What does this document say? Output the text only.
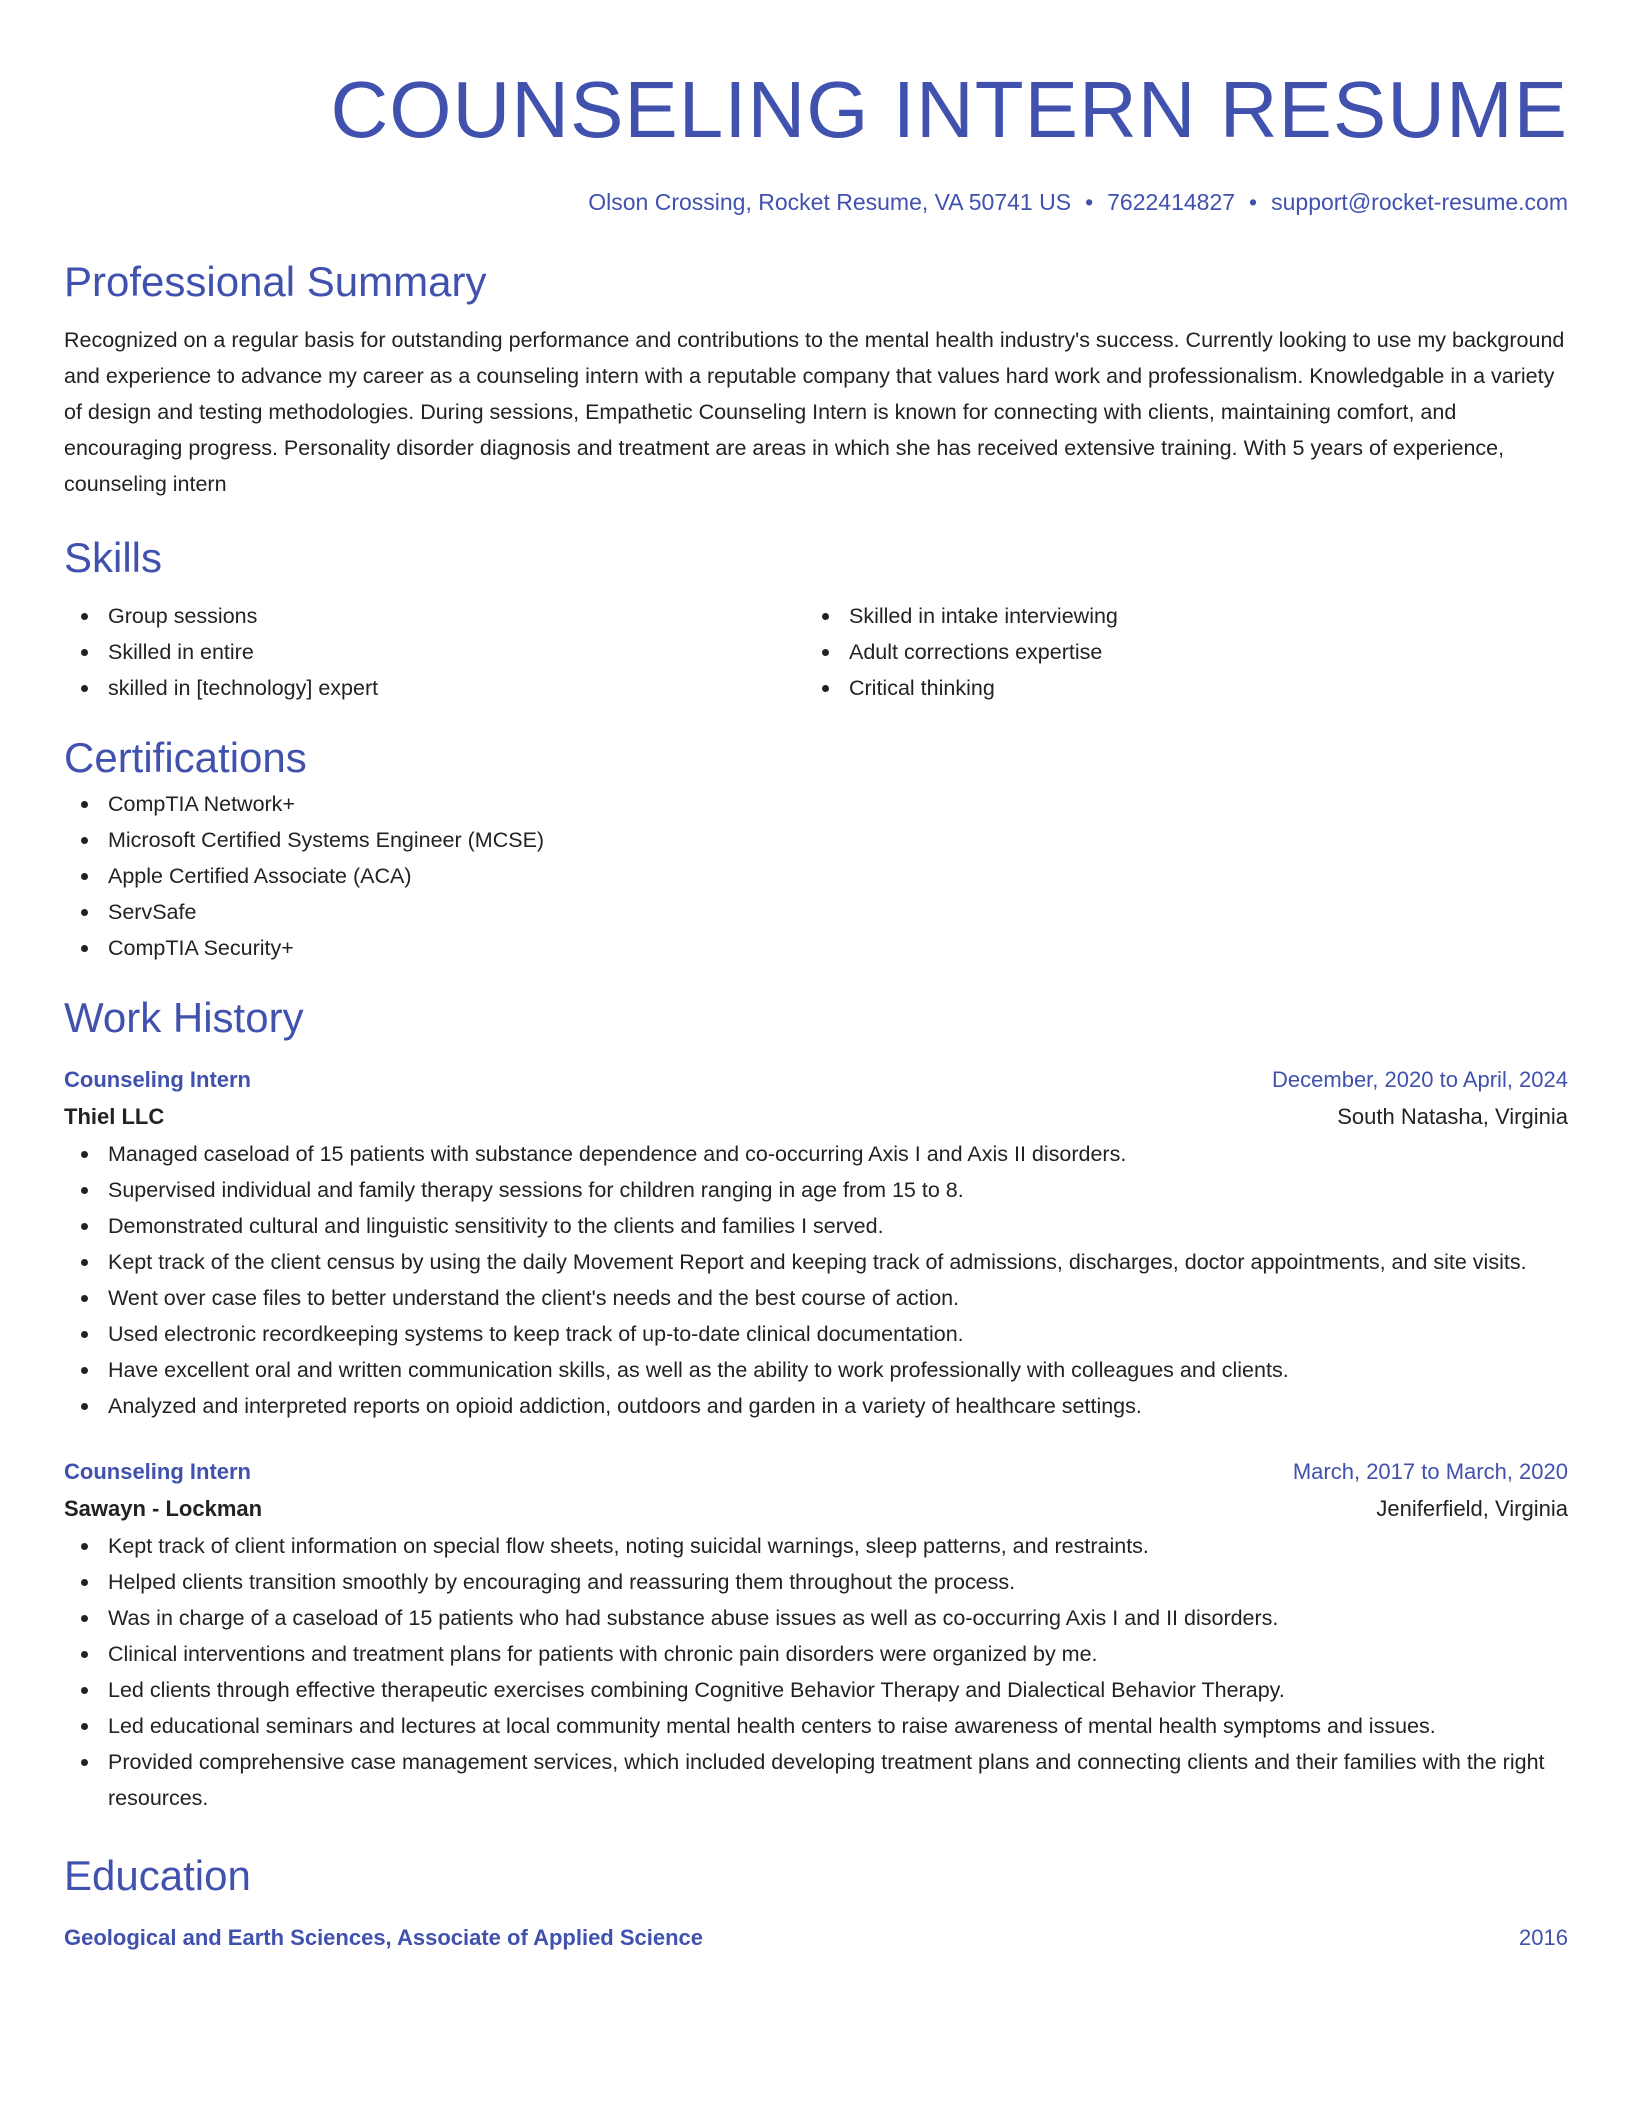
COUNSELING INTERN RESUME
Olson Crossing, Rocket Resume, VA 50741 US • 7622414827 • support@rocket-resume.com
Professional Summary
Recognized on a regular basis for outstanding performance and contributions to the mental health industry's success. Currently looking to use my background and experience to advance my career as a counseling intern with a reputable company that values hard work and professionalism. Knowledgable in a variety of design and testing methodologies. During sessions, Empathetic Counseling Intern is known for connecting with clients, maintaining comfort, and encouraging progress. Personality disorder diagnosis and treatment are areas in which she has received extensive training. With 5 years of experience, counseling intern
Skills
Group sessions
Skilled in entire
skilled in [technology] expert
Skilled in intake interviewing
Adult corrections expertise
Critical thinking
Certifications
CompTIA Network+
Microsoft Certified Systems Engineer (MCSE)
Apple Certified Associate (ACA)
ServSafe
CompTIA Security+
Work History
Counseling Intern	December, 2020 to April, 2024
Thiel LLC	South Natasha, Virginia
Managed caseload of 15 patients with substance dependence and co-occurring Axis I and Axis II disorders.
Supervised individual and family therapy sessions for children ranging in age from 15 to 8.
Demonstrated cultural and linguistic sensitivity to the clients and families I served.
Kept track of the client census by using the daily Movement Report and keeping track of admissions, discharges, doctor appointments, and site visits.
Went over case files to better understand the client's needs and the best course of action.
Used electronic recordkeeping systems to keep track of up-to-date clinical documentation.
Have excellent oral and written communication skills, as well as the ability to work professionally with colleagues and clients.
Analyzed and interpreted reports on opioid addiction, outdoors and garden in a variety of healthcare settings.
Counseling Intern	March, 2017 to March, 2020
Sawayn - Lockman	Jeniferfield, Virginia
Kept track of client information on special flow sheets, noting suicidal warnings, sleep patterns, and restraints.
Helped clients transition smoothly by encouraging and reassuring them throughout the process.
Was in charge of a caseload of 15 patients who had substance abuse issues as well as co-occurring Axis I and II disorders.
Clinical interventions and treatment plans for patients with chronic pain disorders were organized by me.
Led clients through effective therapeutic exercises combining Cognitive Behavior Therapy and Dialectical Behavior Therapy.
Led educational seminars and lectures at local community mental health centers to raise awareness of mental health symptoms and issues.
Provided comprehensive case management services, which included developing treatment plans and connecting clients and their families with the right resources.
Education
Geological and Earth Sciences, Associate of Applied Science	2016
